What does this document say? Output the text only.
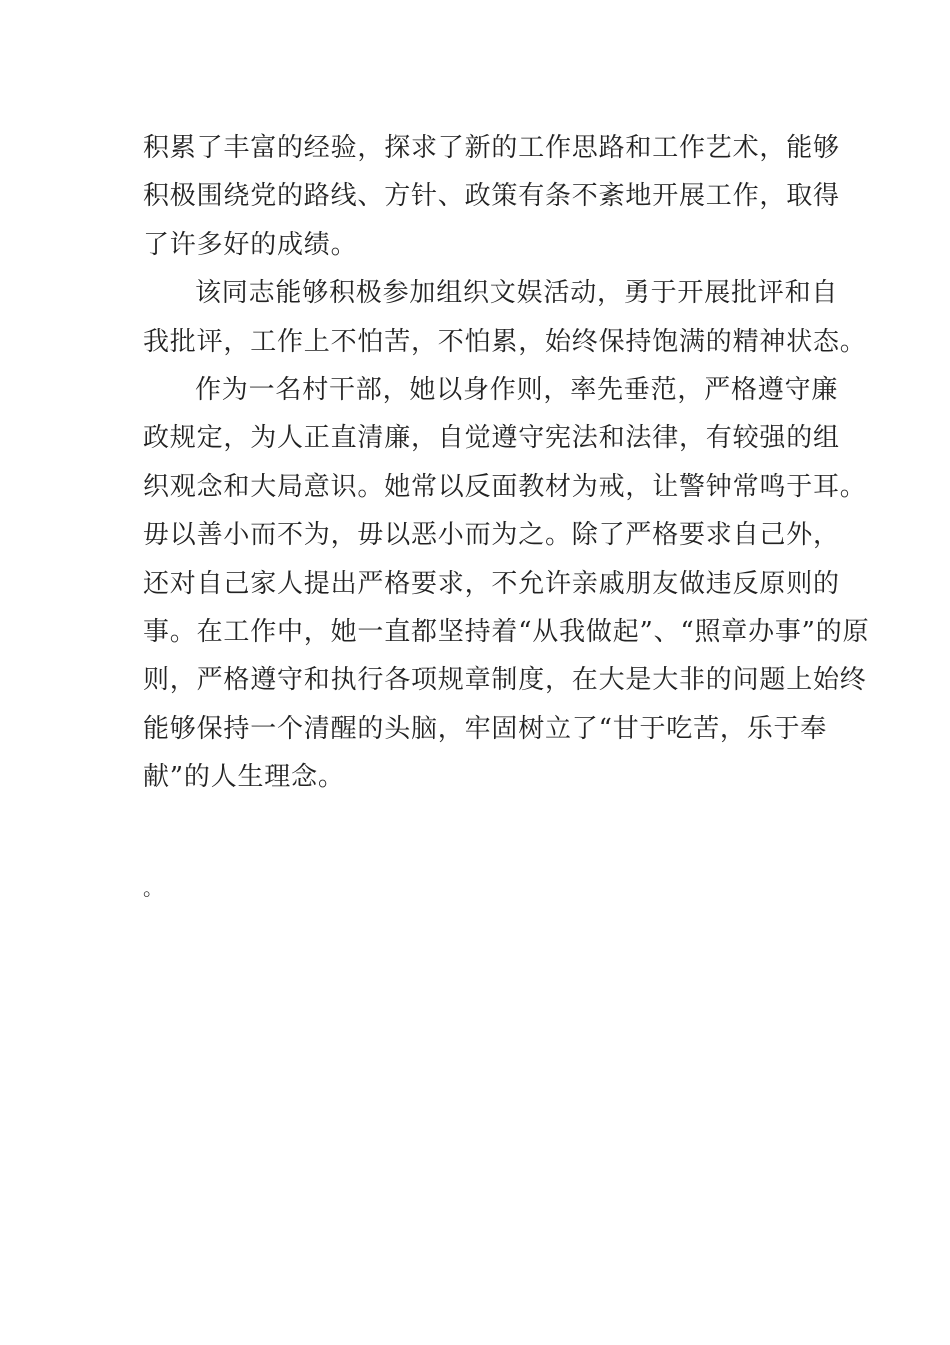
积累了丰富的经验，探求了新的工作思路和工作艺术，能够
积极围绕党的路线、方针、政策有条不紊地开展工作，取得
了许多好的成绩。
该同志能够积极参加组织文娱活动，勇于开展批评和自
我批评，工作上不怕苦，不怕累，始终保持饱满的精神状态。
作为一名村干部，她以身作则，率先垂范，严格遵守廉
政规定，为人正直清廉，自觉遵守宪法和法律，有较强的组
织观念和大局意识。她常以反面教材为戒，让警钟常鸣于耳。
毋以善小而不为，毋以恶小而为之。除了严格要求自己外，
还对自己家人提出严格要求，不允许亲戚朋友做违反原则的
事。在工作中，她一直都坚持着“从我做起”、“照章办事”的原
则，严格遵守和执行各项规章制度，在大是大非的问题上始终
能够保持一个清醒的头脑，牢固树立了“甘于吃苦，乐于奉
献”的人生理念。
。
